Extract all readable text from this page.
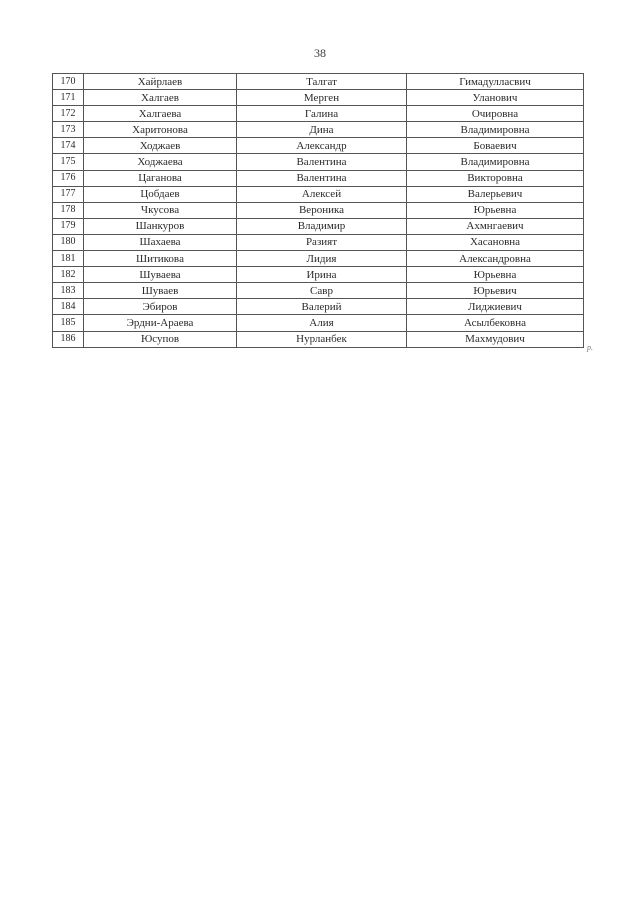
38
170	Хайрлаев	Талгат	Гимадулласвич
171	Халгаев	Мерген	Уланович
172	Халгаева	Галина	Очировна
173	Харитонова	Дина	Владимировна
174	Ходжаев	Александр	Боваевич
175	Ходжаева	Валентина	Владимировна
176	Цаганова	Валентина	Викторовна
177	Цобдаев	Алексей	Валерьевич
178	Чкусова	Вероника	Юрьевна
179	Шанкуров	Владимир	Ахмнгаевич
180	Шахаева	Разият	Хасановна
181	Шитиковa	Лидия	Александровна
182	Шуваева	Ирина	Юрьевна
183	Шуваев	Савр	Юрьевич
184	Эбиров	Валерий	Лиджиевич
185	Эрдни-Араева	Алия	Асылбековна
186	Юсупов	Нурланбек	Махмудович
p.
